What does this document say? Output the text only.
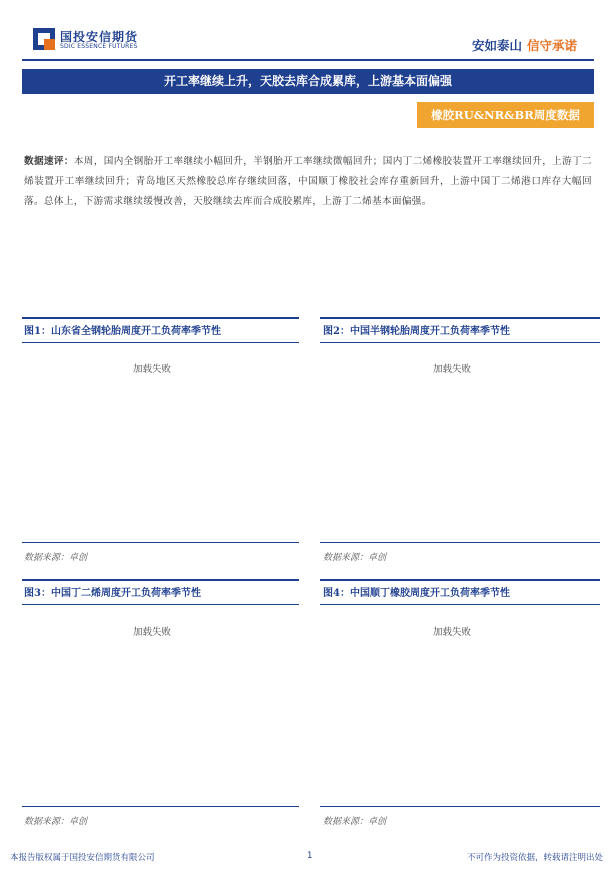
国投安信期货
SDIC ESSENCE FUTURES	安如泰山 信守承诺
开工率继续上升，天胶去库合成累库，上游基本面偏强
橡胶RU&NR&BR周度数据
数据速评：本周，国内全钢胎开工率继续小幅回升，半钢胎开工率继续微幅回升；国内丁二烯橡胶装置开工率继续回升，上游丁二烯装置开工率继续回升；青岛地区天然橡胶总库存继续回落，中国顺丁橡胶社会库存重新回升，上游中国丁二烯港口库存大幅回落。总体上，下游需求继续缓慢改善，天胶继续去库而合成胶累库，上游丁二烯基本面偏强。
图1：山东省全钢轮胎周度开工负荷率季节性
加载失败
数据来源：卓创
图2：中国半钢轮胎周度开工负荷率季节性
加载失败
数据来源：卓创
图3：中国丁二烯周度开工负荷率季节性
加载失败
数据来源：卓创
图4：中国顺丁橡胶周度开工负荷率季节性
加载失败
数据来源：卓创
本报告版权属于国投安信期货有限公司	1	不可作为投资依据，转载请注明出处
